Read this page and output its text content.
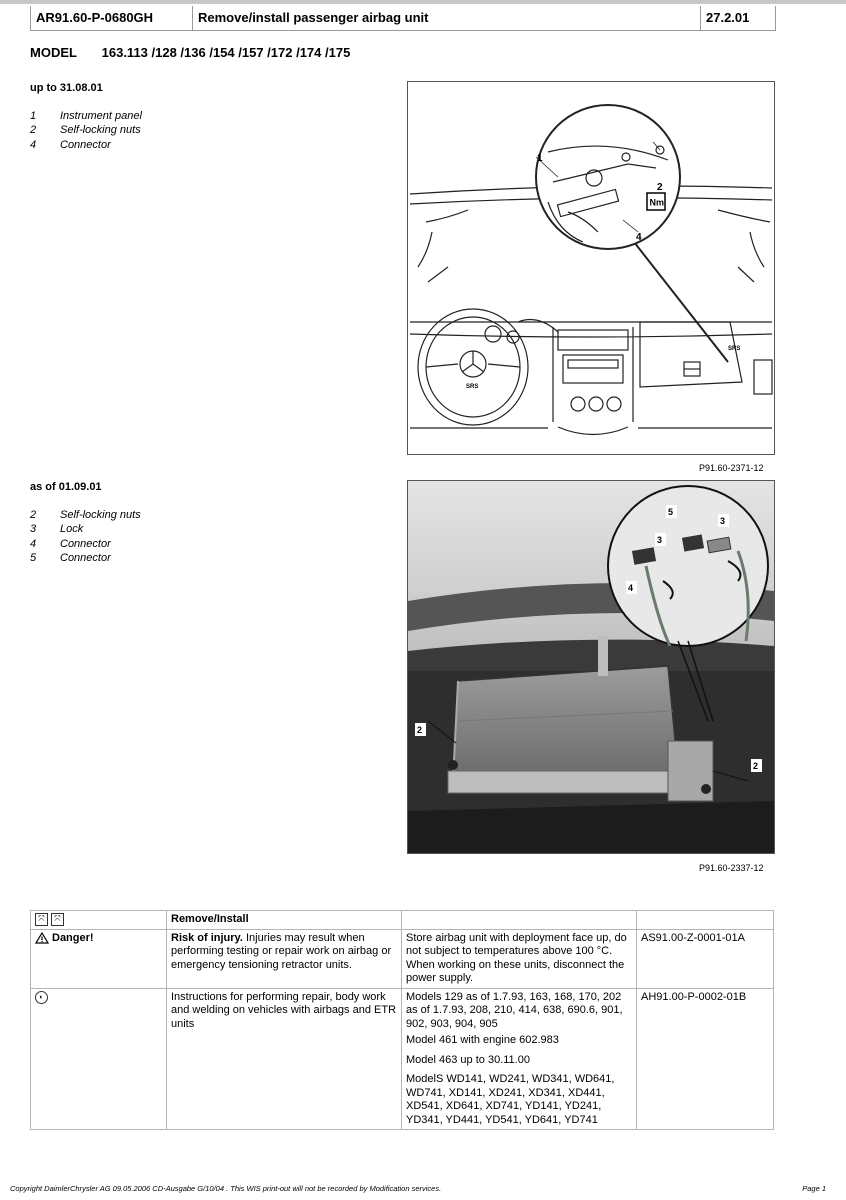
AR91.60-P-0680GH	Remove/install passenger airbag unit	27.2.01
MODEL 163.113 /128 /136 /154 /157 /172 /174 /175
up to 31.08.01
1	Instrument panel
2	Self-locking nuts
4	Connector
1
2
4
SRS
SRS
Nm
P91.60-2371-12
as of 01.09.01
2	Self-locking nuts
3	Lock
4	Connector
5	Connector
5
3
3
4
2
2
P91.60-2337-12
⤧ ⤧	Remove/Install		
Danger!	Risk of injury. Injuries may result when performing testing or repair work on airbag or emergency tensioning retractor units.	Store airbag unit with deployment face up, do not subject to temperatures above 100 °C. When working on these units, disconnect the power supply.	AS91.00-Z-0001-01A
◐	Instructions for performing repair, body work and welding on vehicles with airbags and ETR units	Models 129 as of 1.7.93, 163, 168, 170, 202 as of 1.7.93, 208, 210, 414, 638, 690.6, 901, 902, 903, 904, 905
Model 461 with engine 602.983
Model 463 up to 30.11.00
ModelS WD141, WD241, WD341, WD641, WD741, XD141, XD241, XD341, XD441, XD541, XD641, XD741, YD141, YD241, YD341, YD441, YD541, YD641, YD741	AH91.00-P-0002-01B
Copyright DaimlerChrysler AG 09.05.2006 CD-Ausgabe G/10/04 . This WIS print-out will not be recorded by Modification services.	Page 1
